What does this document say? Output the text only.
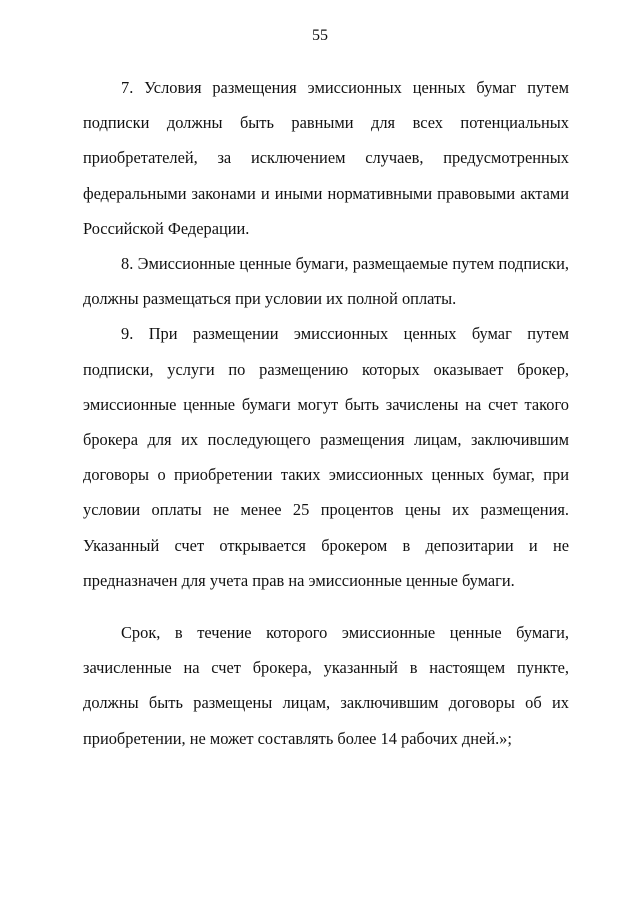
55

7. Условия размещения эмиссионных ценных бумаг путем подписки должны быть равными для всех потенциальных приобретателей, за исключением случаев, предусмотренных федеральными законами и иными нормативными правовыми актами Российской Федерации.

8. Эмиссионные ценные бумаги, размещаемые путем подписки, должны размещаться при условии их полной оплаты.

9. При размещении эмиссионных ценных бумаг путем подписки, услуги по размещению которых оказывает брокер, эмиссионные ценные бумаги могут быть зачислены на счет такого брокера для их последующего размещения лицам, заключившим договоры о приобретении таких эмиссионных ценных бумаг, при условии оплаты не менее 25 процентов цены их размещения. Указанный счет открывается брокером в депозитарии и не предназначен для учета прав на эмиссионные ценные бумаги.

Срок, в течение которого эмиссионные ценные бумаги, зачисленные на счет брокера, указанный в настоящем пункте, должны быть размещены лицам, заключившим договоры об их приобретении, не может составлять более 14 рабочих дней.»;
